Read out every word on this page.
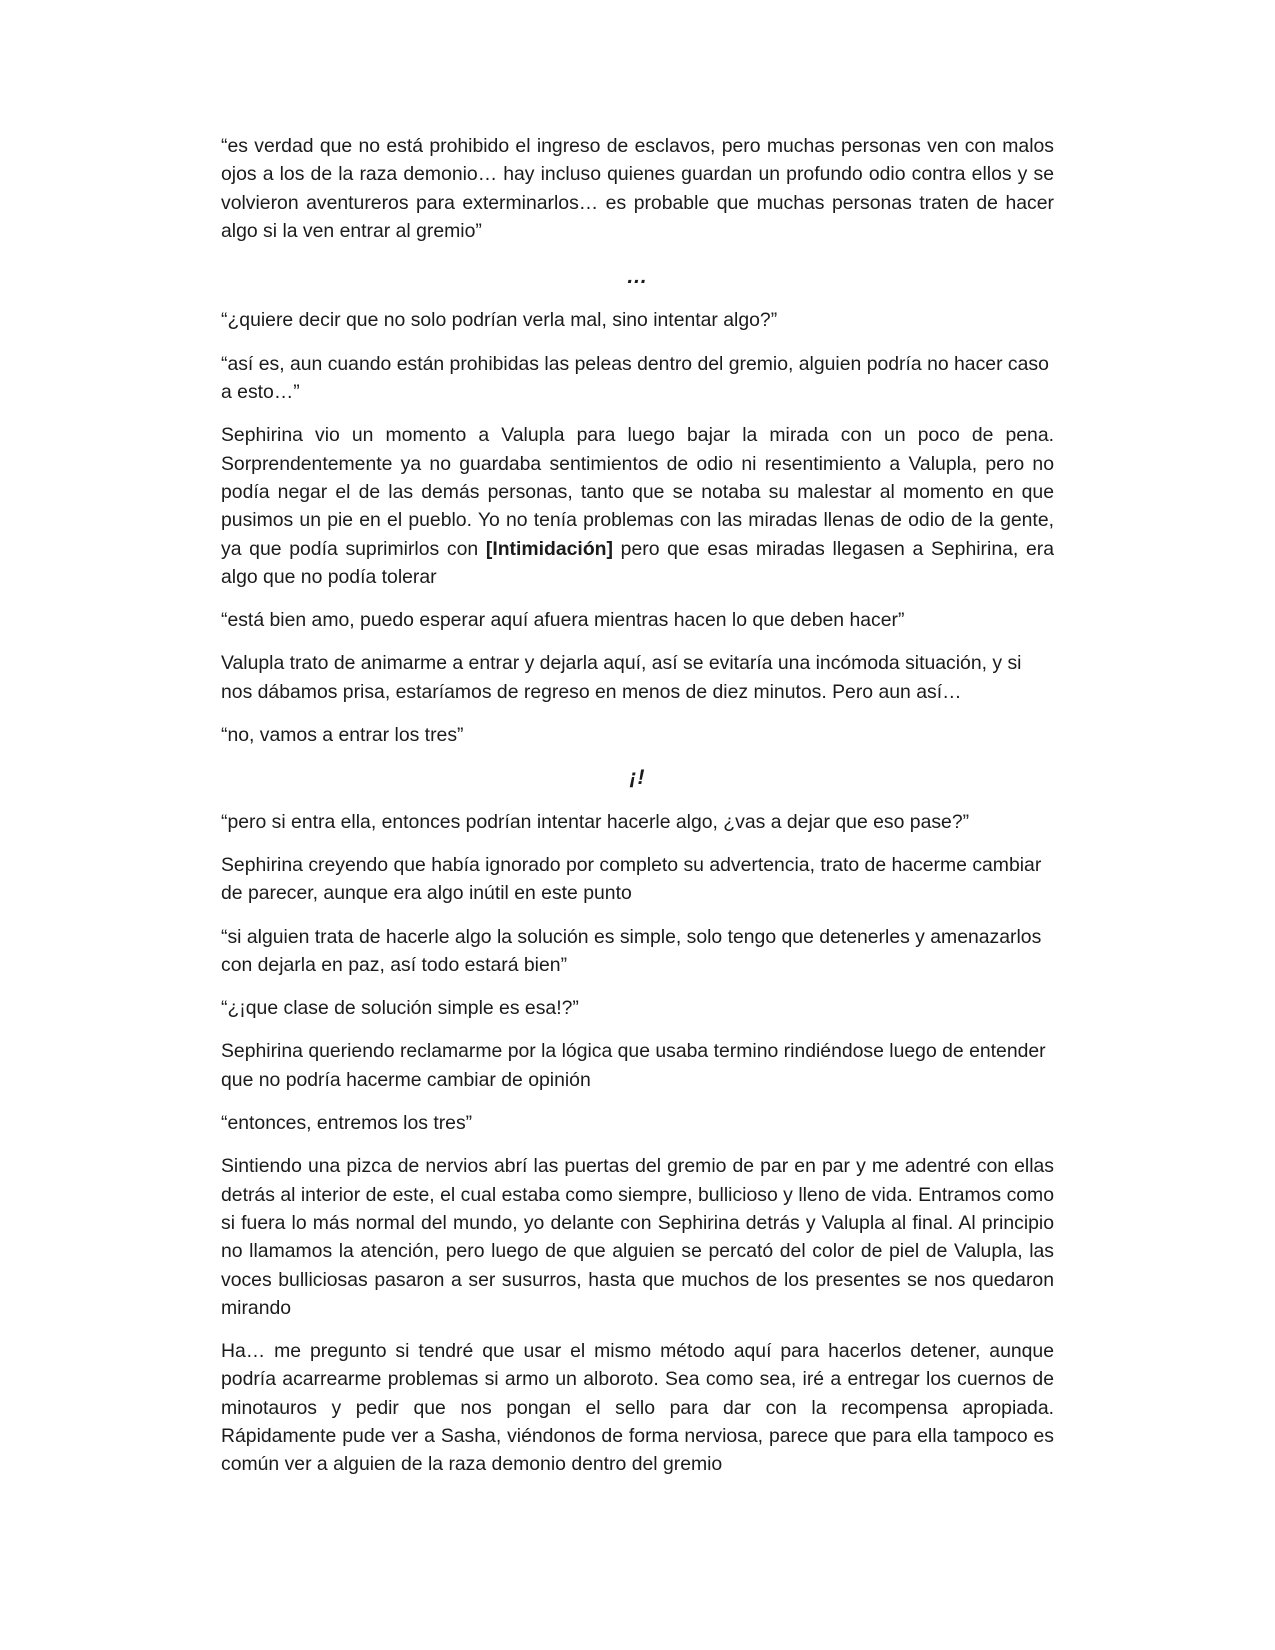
“es verdad que no está prohibido el ingreso de esclavos, pero muchas personas ven con malos ojos a los de la raza demonio… hay incluso quienes guardan un profundo odio contra ellos y se volvieron aventureros para exterminarlos… es probable que muchas personas traten de hacer algo si la ven entrar al gremio”

…

“¿quiere decir que no solo podrían verla mal, sino intentar algo?”

“así es, aun cuando están prohibidas las peleas dentro del gremio, alguien podría no hacer caso a esto…”

Sephirina vio un momento a Valupla para luego bajar la mirada con un poco de pena. Sorprendentemente ya no guardaba sentimientos de odio ni resentimiento a Valupla, pero no podía negar el de las demás personas, tanto que se notaba su malestar al momento en que pusimos un pie en el pueblo. Yo no tenía problemas con las miradas llenas de odio de la gente, ya que podía suprimirlos con [Intimidación] pero que esas miradas llegasen a Sephirina, era algo que no podía tolerar

“está bien amo, puedo esperar aquí afuera mientras hacen lo que deben hacer”

Valupla trato de animarme a entrar y dejarla aquí, así se evitaría una incómoda situación, y si nos dábamos prisa, estaríamos de regreso en menos de diez minutos. Pero aun así…

“no, vamos a entrar los tres”

¡!

“pero si entra ella, entonces podrían intentar hacerle algo, ¿vas a dejar que eso pase?”

Sephirina creyendo que había ignorado por completo su advertencia, trato de hacerme cambiar de parecer, aunque era algo inútil en este punto

“si alguien trata de hacerle algo la solución es simple, solo tengo que detenerles y amenazarlos con dejarla en paz, así todo estará bien”

“¿¡que clase de solución simple es esa!?”

Sephirina queriendo reclamarme por la lógica que usaba termino rindiéndose luego de entender que no podría hacerme cambiar de opinión

“entonces, entremos los tres”

Sintiendo una pizca de nervios abrí las puertas del gremio de par en par y me adentré con ellas detrás al interior de este, el cual estaba como siempre, bullicioso y lleno de vida. Entramos como si fuera lo más normal del mundo, yo delante con Sephirina detrás y Valupla al final. Al principio no llamamos la atención, pero luego de que alguien se percató del color de piel de Valupla, las voces bulliciosas pasaron a ser susurros, hasta que muchos de los presentes se nos quedaron mirando

Ha… me pregunto si tendré que usar el mismo método aquí para hacerlos detener, aunque podría acarrearme problemas si armo un alboroto. Sea como sea, iré a entregar los cuernos de minotauros y pedir que nos pongan el sello para dar con la recompensa apropiada. Rápidamente pude ver a Sasha, viéndonos de forma nerviosa, parece que para ella tampoco es común ver a alguien de la raza demonio dentro del gremio
